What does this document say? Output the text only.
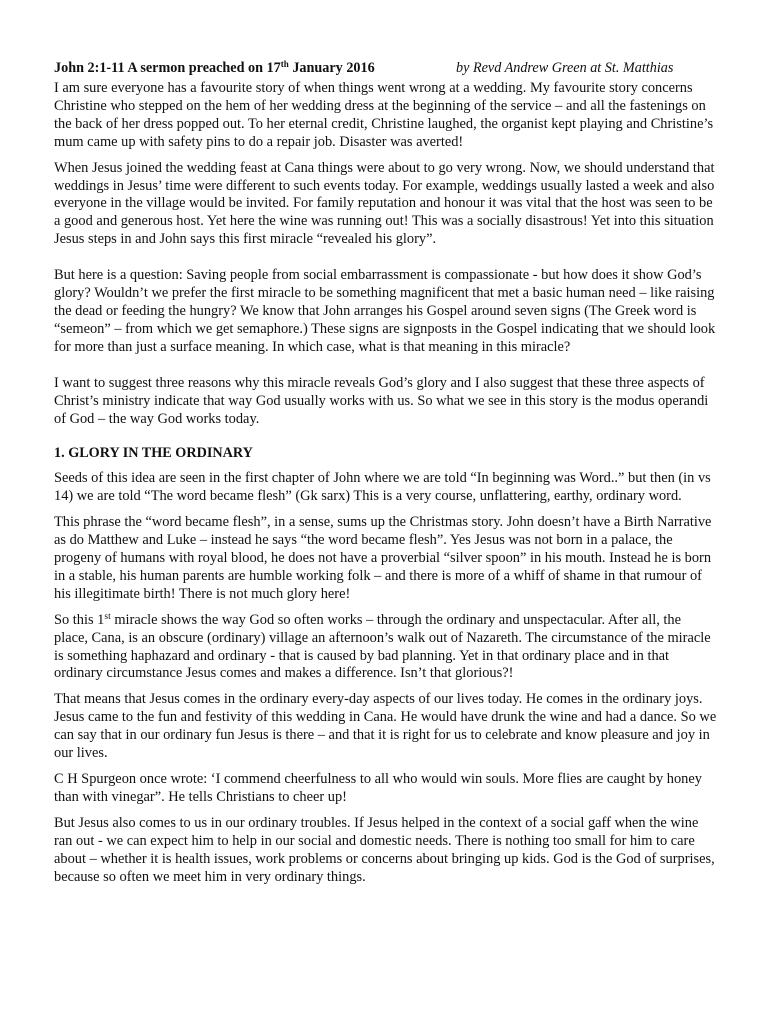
John 2:1-11 A sermon preached on 17th January 2016	by Revd Andrew Green at St. Matthias

I am sure everyone has a favourite story of when things went wrong at a wedding. My favourite story concerns Christine who stepped on the hem of her wedding dress at the beginning of the service – and all the fastenings on the back of her dress popped out. To her eternal credit, Christine laughed, the organist kept playing and Christine’s mum came up with safety pins to do a repair job. Disaster was averted!

When Jesus joined the wedding feast at Cana things were about to go very wrong. Now, we should understand that weddings in Jesus’ time were different to such events today. For example, weddings usually lasted a week and also everyone in the village would be invited. For family reputation and honour it was vital that the host was seen to be a good and generous host. Yet here the wine was running out! This was a socially disastrous! Yet into this situation Jesus steps in and John says this first miracle “revealed his glory”.

But here is a question: Saving people from social embarrassment is compassionate - but how does it show God’s glory? Wouldn’t we prefer the first miracle to be something magnificent that met a basic human need – like raising the dead or feeding the hungry? We know that John arranges his Gospel around seven signs (The Greek word is “semeon” – from which we get semaphore.) These signs are signposts in the Gospel indicating that we should look for more than just a surface meaning. In which case, what is that meaning in this miracle?

I want to suggest three reasons why this miracle reveals God’s glory and I also suggest that these three aspects of Christ’s ministry indicate that way God usually works with us. So what we see in this story is the modus operandi of God – the way God works today.

1. GLORY IN THE ORDINARY

Seeds of this idea are seen in the first chapter of John where we are told “In beginning was Word..” but then (in vs 14) we are told “The word became flesh” (Gk sarx) This is a very course, unflattering, earthy, ordinary word.

This phrase the “word became flesh”, in a sense, sums up the Christmas story. John doesn’t have a Birth Narrative as do Matthew and Luke – instead he says “the word became flesh”. Yes Jesus was not born in a palace, the progeny of humans with royal blood, he does not have a proverbial “silver spoon” in his mouth. Instead he is born in a stable, his human parents are humble working folk – and there is more of a whiff of shame in that rumour of his illegitimate birth! There is not much glory here!

So this 1st miracle shows the way God so often works – through the ordinary and unspectacular. After all, the place, Cana, is an obscure (ordinary) village an afternoon’s walk out of Nazareth. The circumstance of the miracle is something haphazard and ordinary - that is caused by bad planning. Yet in that ordinary place and in that ordinary circumstance Jesus comes and makes a difference. Isn’t that glorious?!

That means that Jesus comes in the ordinary every-day aspects of our lives today. He comes in the ordinary joys. Jesus came to the fun and festivity of this wedding in Cana. He would have drunk the wine and had a dance. So we can say that in our ordinary fun Jesus is there – and that it is right for us to celebrate and know pleasure and joy in our lives.

C H Spurgeon once wrote: ‘I commend cheerfulness to all who would win souls. More flies are caught by honey than with vinegar”. He tells Christians to cheer up!

But Jesus also comes to us in our ordinary troubles. If Jesus helped in the context of a social gaff when the wine ran out - we can expect him to help in our social and domestic needs. There is nothing too small for him to care about – whether it is health issues, work problems or concerns about bringing up kids. God is the God of surprises, because so often we meet him in very ordinary things.
